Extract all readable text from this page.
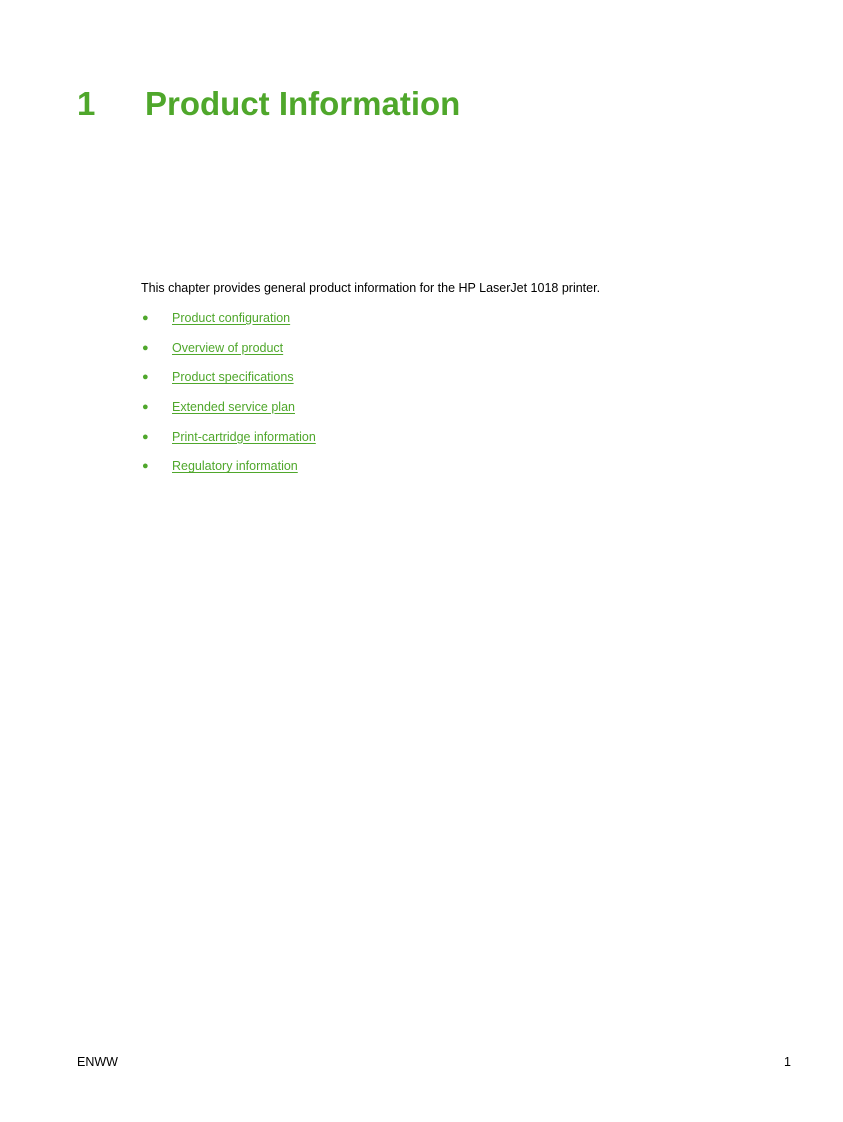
1 Product Information

This chapter provides general product information for the HP LaserJet 1018 printer.

●	Product configuration
●	Overview of product
●	Product specifications
●	Extended service plan
●	Print-cartridge information
●	Regulatory information
ENWW	1
